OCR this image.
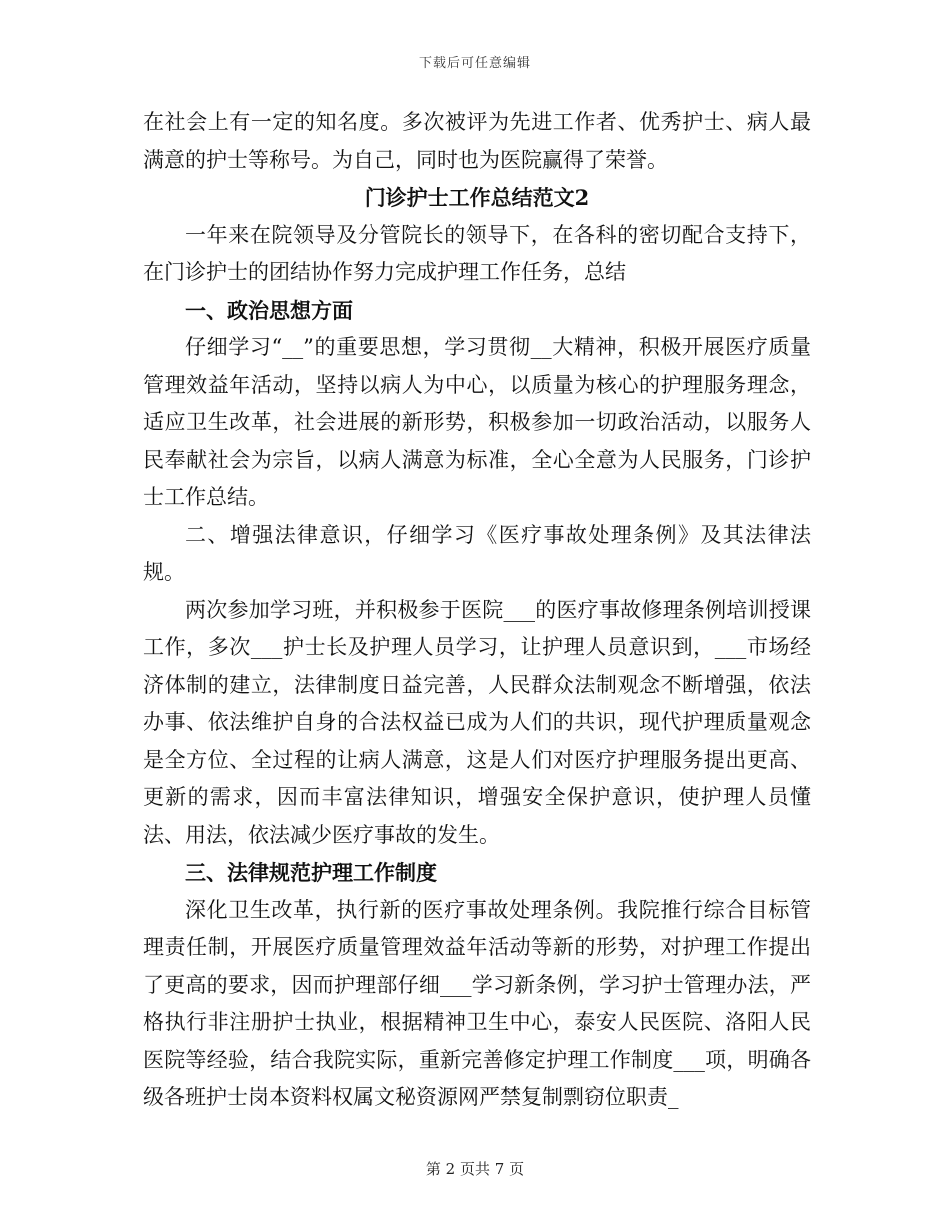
下载后可任意编辑

在社会上有一定的知名度。多次被评为先进工作者、优秀护士、病人最满意的护士等称号。为自己，同时也为医院赢得了荣誉。

门诊护士工作总结范文2

一年来在院领导及分管院长的领导下，在各科的密切配合支持下，在门诊护士的团结协作努力完成护理工作任务，总结

一、政治思想方面

仔细学习“__”的重要思想，学习贯彻__大精神，积极开展医疗质量管理效益年活动，坚持以病人为中心，以质量为核心的护理服务理念，适应卫生改革，社会进展的新形势，积极参加一切政治活动，以服务人民奉献社会为宗旨，以病人满意为标准，全心全意为人民服务，门诊护士工作总结。

二、增强法律意识，仔细学习《医疗事故处理条例》及其法律法规。

两次参加学习班，并积极参于医院___的医疗事故修理条例培训授课工作，多次___护士长及护理人员学习，让护理人员意识到，___市场经济体制的建立，法律制度日益完善，人民群众法制观念不断增强，依法办事、依法维护自身的合法权益已成为人们的共识，现代护理质量观念是全方位、全过程的让病人满意，这是人们对医疗护理服务提出更高、更新的需求，因而丰富法律知识，增强安全保护意识，使护理人员懂法、用法，依法减少医疗事故的发生。

三、法律规范护理工作制度

深化卫生改革，执行新的医疗事故处理条例。我院推行综合目标管理责任制，开展医疗质量管理效益年活动等新的形势，对护理工作提出了更高的要求，因而护理部仔细___学习新条例，学习护士管理办法，严格执行非注册护士执业，根据精神卫生中心，泰安人民医院、洛阳人民医院等经验，结合我院实际，重新完善修定护理工作制度___项，明确各级各班护士岗本资料权属文秘资源网严禁复制剽窃位职责_

第 2 页共 7 页
